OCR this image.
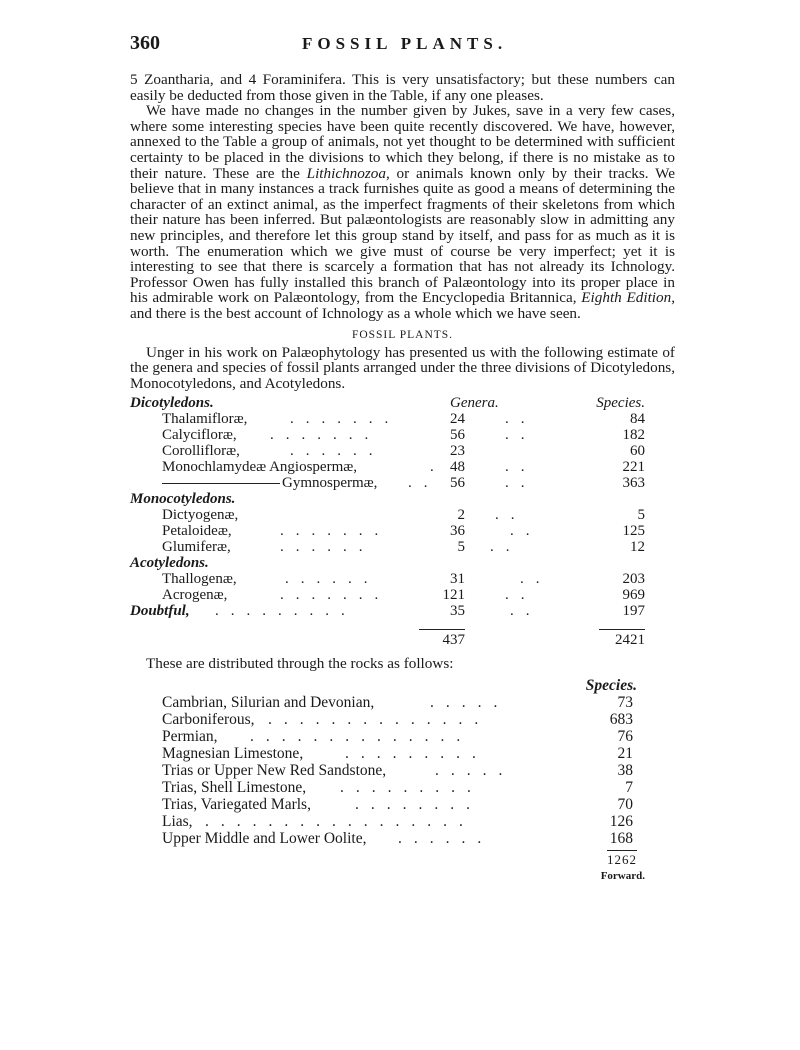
360	FOSSIL PLANTS.

5 Zoantharia, and 4 Foraminifera. This is very unsatisfactory; but these numbers can easily be deducted from those given in the Table, if any one pleases.

We have made no changes in the number given by Jukes, save in a very few cases, where some interesting species have been quite recently discovered. We have, however, annexed to the Table a group of animals, not yet thought to be determined with sufficient certainty to be placed in the divisions to which they belong, if there is no mistake as to their nature. These are the Lithichnozoa, or animals known only by their tracks. We believe that in many instances a track furnishes quite as good a means of determining the character of an extinct animal, as the imperfect fragments of their skeletons from which their nature has been inferred. But palæontologists are reasonably slow in admitting any new principles, and therefore let this group stand by itself, and pass for as much as it is worth. The enumeration which we give must of course be very imperfect; yet it is interesting to see that there is scarcely a formation that has not already its Ichnology. Professor Owen has fully installed this branch of Palæontology into its proper place in his admirable work on Palæontology, from the Encyclopedia Britannica, Eighth Edition, and there is the best account of Ichnology as a whole which we have seen.

FOSSIL PLANTS.

Unger in his work on Palæophytology has presented us with the following estimate of the genera and species of fossil plants arranged under the three divisions of Dicotyledons, Monocotyledons, and Acotyledons.

Dicotyledons.	Genera.	Species.
Thalamifloræ,	.​.​.​.​.​.​.	24	..	84
Calycifloræ, .......	56	..	182
Corollifloræ,	......	23	60
Monochlamydeæ Angiospermæ,	. 48	..	221
Gymnospermæ, .. 56	..	363
Monocotyledons.
Dictyogenæ,	2 ..	5
Petaloideæ,	.......	36	..	125
Glumiferæ,	......	5 ..	12
Acotyledons.
Thallogenæ,	......	31	..	203
Acrogenæ,	.......	121	..	969
Doubtful, .........	35	..	197
437	2421
These are distributed through the rocks as follows:
Species.
Cambrian, Silurian and Devonian,	.....	73
Carboniferous, ..............	683
Permian, ..............	76
Magnesian Limestone,	.........	21
Trias or Upper New Red Sandstone,	.....	38
Trias, Shell Limestone, .........	7
Trias, Variegated Marls,	........	70
Lias, .................	126
Upper Middle and Lower Oolite, ......	168
1262
Forward.
